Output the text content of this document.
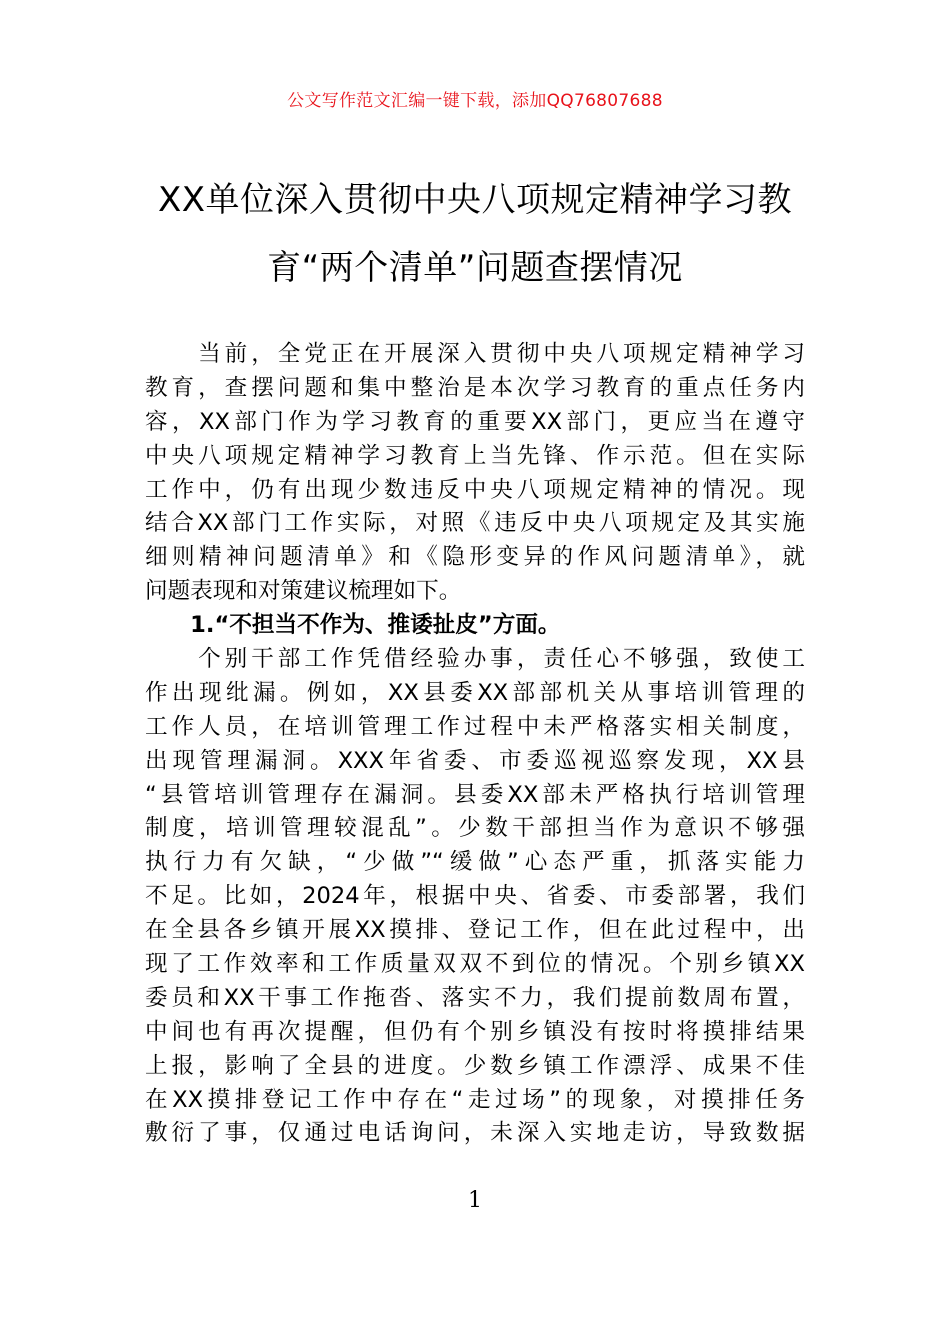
公文写作范文汇编一键下载，添加QQ76807688
XX单位深入贯彻中央八项规定精神学习教
育“两个清单”问题查摆情况
　　当前，全党正在开展深入贯彻中央八项规定精神学习
教育，查摆问题和集中整治是本次学习教育的重点任务内
容，XX部门作为学习教育的重要XX部门，更应当在遵守
中央八项规定精神学习教育上当先锋、作示范。但在实际
工作中，仍有出现少数违反中央八项规定精神的情况。现
结合XX部门工作实际，对照《违反中央八项规定及其实施
细则精神问题清单》和《隐形变异的作风问题清单》，就
问题表现和对策建议梳理如下。
　　1.“不担当不作为、推诿扯皮”方面。
　　个别干部工作凭借经验办事，责任心不够强，致使工
作出现纰漏。例如，XX县委XX部部机关从事培训管理的
工作人员，在培训管理工作过程中未严格落实相关制度，
出现管理漏洞。XXX年省委、市委巡视巡察发现，XX县
“县管培训管理存在漏洞。县委XX部未严格执行培训管理
制度，培训管理较混乱”。少数干部担当作为意识不够强
执行力有欠缺，“少做”“缓做”心态严重，抓落实能力
不足。比如，2024年，根据中央、省委、市委部署，我们
在全县各乡镇开展XX摸排、登记工作，但在此过程中，出
现了工作效率和工作质量双双不到位的情况。个别乡镇XX
委员和XX干事工作拖沓、落实不力，我们提前数周布置，
中间也有再次提醒，但仍有个别乡镇没有按时将摸排结果
上报，影响了全县的进度。少数乡镇工作漂浮、成果不佳
在XX摸排登记工作中存在“走过场”的现象，对摸排任务
敷衍了事，仅通过电话询问，未深入实地走访，导致数据
1
